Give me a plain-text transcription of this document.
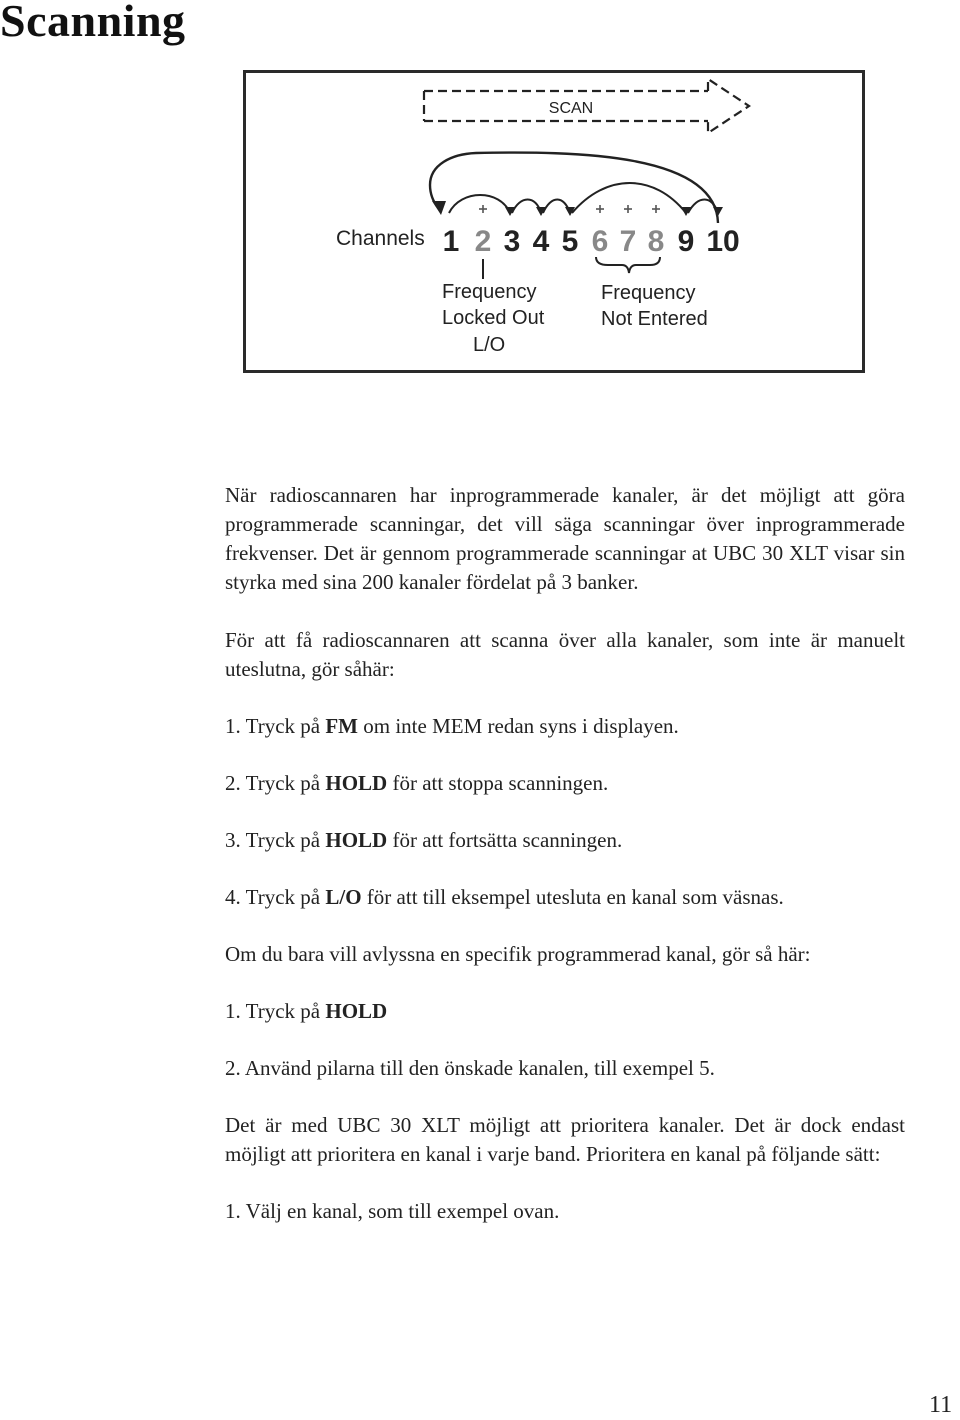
Scanning
SCAN
Channels 1 2 3 4 5 6 7 8 9 10
Frequency
Locked Out
L/O
Frequency
Not Entered

När radioscannaren har inprogrammerade kanaler, är det möjligt att göra programmerade scanningar, det vill säga scanningar över inprogrammerade frekvenser. Det är gennom programmerade scanningar at UBC 30 XLT visar sin styrka med sina 200 kanaler fördelat på 3 banker.

För att få radioscannaren att scanna över alla kanaler, som inte är manuelt uteslutna, gör såhär:

1. Tryck på FM om inte MEM redan syns i displayen.

2. Tryck på HOLD för att stoppa scanningen.

3. Tryck på HOLD för att fortsätta scanningen.

4. Tryck på L/O för att till eksempel utesluta en kanal som väsnas.

Om du bara vill avlyssna en specifik programmerad kanal, gör så här:

1. Tryck på HOLD

2. Använd pilarna till den önskade kanalen, till exempel 5.

Det är med UBC 30 XLT möjligt att prioritera kanaler. Det är dock endast möjligt att prioritera en kanal i varje band. Prioritera en kanal på följande sätt:

1. Välj en kanal, som till exempel ovan.

11
